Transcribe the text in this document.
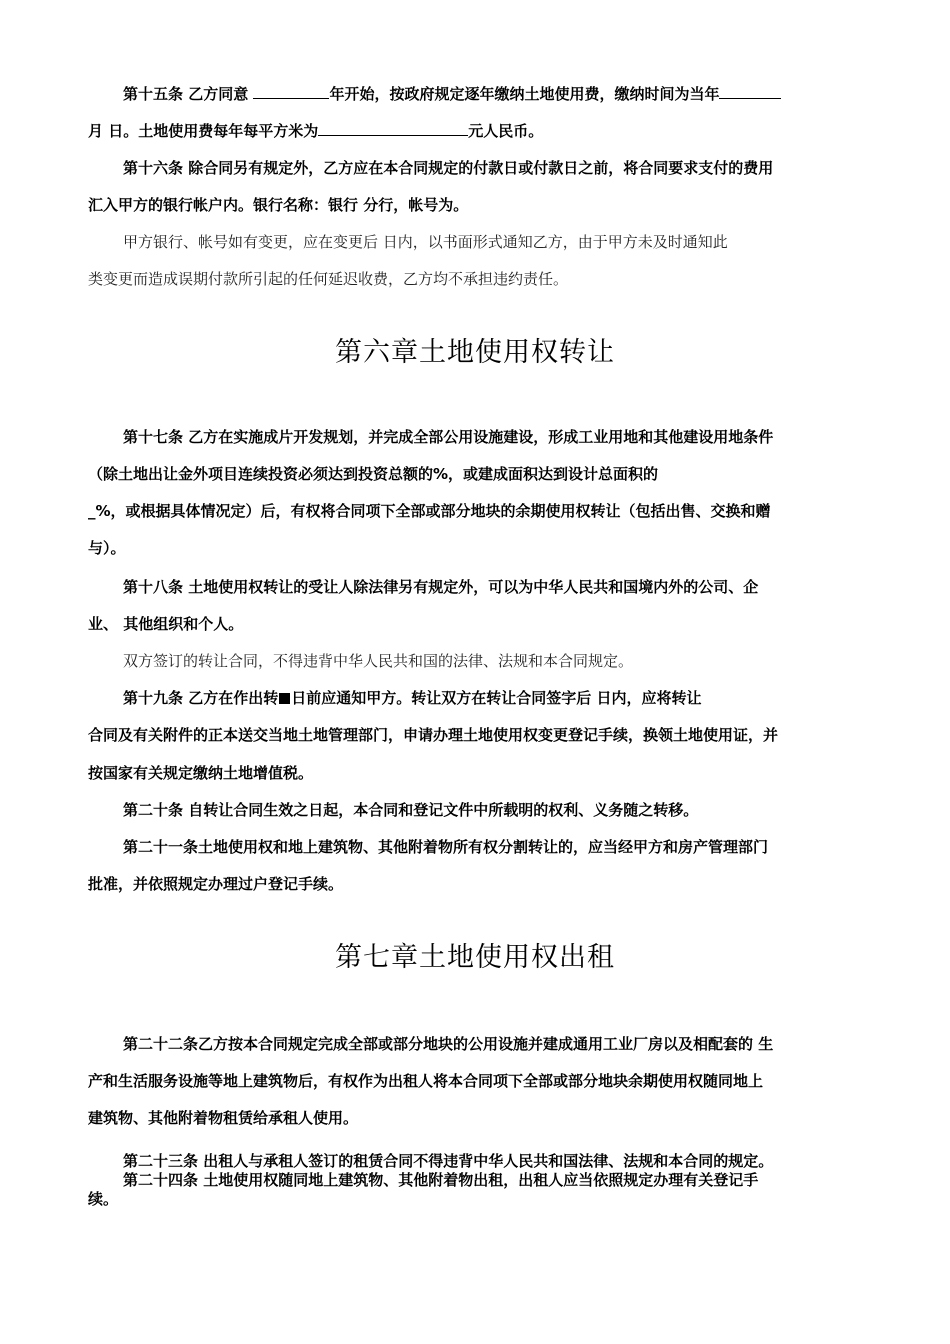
第十五条 乙方同意	年开始，按政府规定逐年缴纳土地使用费，缴纳时间为当年
月 日。土地使用费每年每平方米为	元人民币。
第十六条 除合同另有规定外，乙方应在本合同规定的付款日或付款日之前，将合同要求支付的费用
汇入甲方的银行帐户内。银行名称：银行 分行，帐号为。
甲方银行、帐号如有变更，应在变更后 日内，以书面形式通知乙方，由于甲方未及时通知此
类变更而造成误期付款所引起的任何延迟收费，乙方均不承担违约责任。
第六章土地使用权转让
第十七条 乙方在实施成片开发规划，并完成全部公用设施建设，形成工业用地和其他建设用地条件
（除土地出让金外项目连续投资必须达到投资总额的%，或建成面积达到设计总面积的
_%，或根据具体情况定）后，有权将合同项下全部或部分地块的余期使用权转让（包括出售、交换和赠
与）。
第十八条 土地使用权转让的受让人除法律另有规定外，可以为中华人民共和国境内外的公司、企
业、 其他组织和个人。
双方签订的转让合同，不得违背中华人民共和国的法律、法规和本合同规定。
第十九条 乙方在作出转 日前应通知甲方。转让双方在转让合同签字后 日内，应将转让
合同及有关附件的正本送交当地土地管理部门，申请办理土地使用权变更登记手续，换领土地使用证，并
按国家有关规定缴纳土地增值税。
第二十条 自转让合同生效之日起，本合同和登记文件中所载明的权利、义务随之转移。
第二十一条土地使用权和地上建筑物、其他附着物所有权分割转让的，应当经甲方和房产管理部门
批准，并依照规定办理过户登记手续。
第七章土地使用权出租
第二十二条乙方按本合同规定完成全部或部分地块的公用设施并建成通用工业厂房以及相配套的 生
产和生活服务设施等地上建筑物后，有权作为出租人将本合同项下全部或部分地块余期使用权随同地上
建筑物、其他附着物租赁给承租人使用。
第二十三条 出租人与承租人签订的租赁合同不得违背中华人民共和国法律、法规和本合同的规定。
第二十四条 土地使用权随同地上建筑物、其他附着物出租，出租人应当依照规定办理有关登记手
续。
